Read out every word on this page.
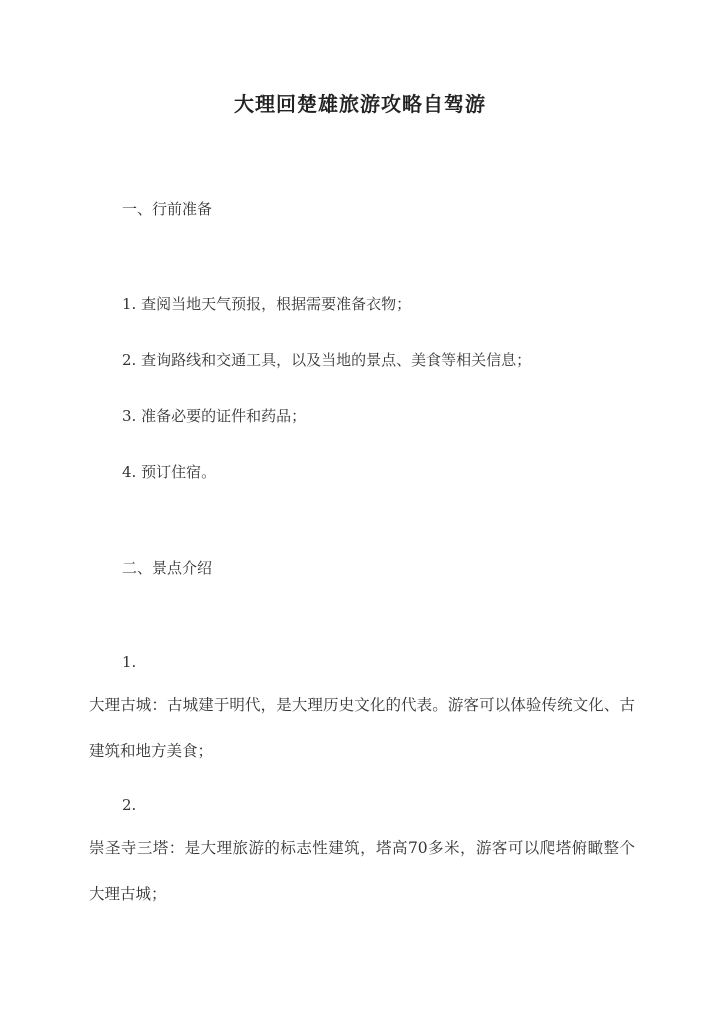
大理回楚雄旅游攻略自驾游
一、行前准备
1. 查阅当地天气预报，根据需要准备衣物；
2. 查询路线和交通工具，以及当地的景点、美食等相关信息；
3. 准备必要的证件和药品；
4. 预订住宿。
二、景点介绍
1.
大理古城：古城建于明代，是大理历史文化的代表。游客可以体验传统文化、古建筑和地方美食；
2.
崇圣寺三塔：是大理旅游的标志性建筑，塔高70多米，游客可以爬塔俯瞰整个大理古城；
